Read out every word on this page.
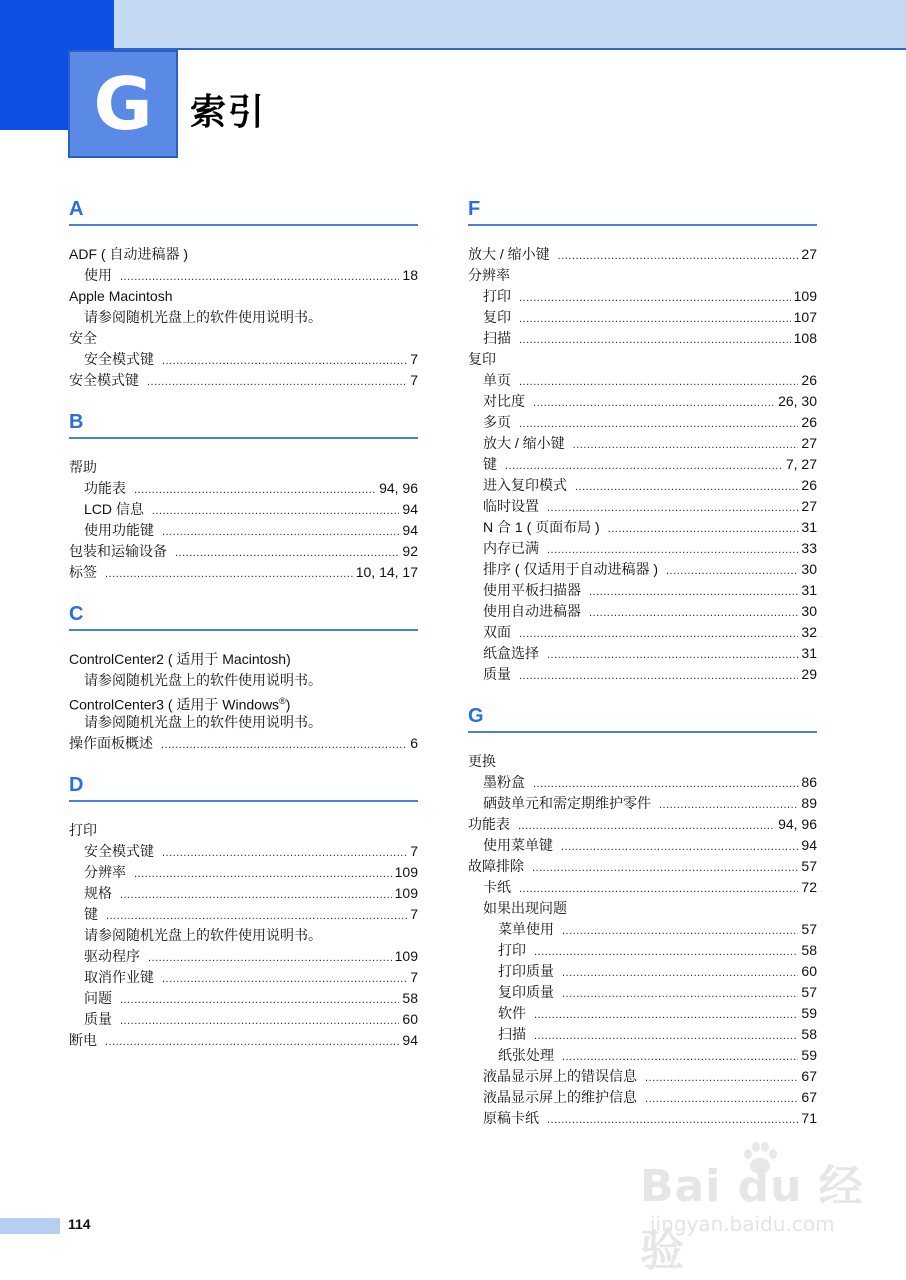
G	索引
A
ADF ( 自动进稿器 )
使用 .....	18
Apple Macintosh
请参阅随机光盘上的软件使用说明书。
安全
安全模式键 .....	7
安全模式键 .....	7
B
帮助
功能表 .....	94, 96
LCD 信息 .....	94
使用功能键 .....	94
包装和运输设备 .....	92
标签 .....	10, 14, 17
C
ControlCenter2 ( 适用于 Macintosh)
请参阅随机光盘上的软件使用说明书。
ControlCenter3 ( 适用于 Windows®)
请参阅随机光盘上的软件使用说明书。
操作面板概述 .....	6
D
打印
安全模式键 .....	7
分辨率 .....	109
规格 .....	109
键 .....	7
请参阅随机光盘上的软件使用说明书。
驱动程序 .....	109
取消作业键 .....	7
问题 .....	58
质量 .....	60
断电 .....	94
F
放大 / 缩小键 .....	27
分辨率
打印 .....	109
复印 .....	107
扫描 .....	108
复印
单页 .....	26
对比度 .....	26, 30
多页 .....	26
放大 / 缩小键 .....	27
键 .....	7, 27
进入复印模式 .....	26
临时设置 .....	27
N 合 1 ( 页面布局 ) .....	31
内存已满 .....	33
排序 ( 仅适用于自动进稿器 ) .....	30
使用平板扫描器 .....	31
使用自动进稿器 .....	30
双面 .....	32
纸盒选择 .....	31
质量 .....	29
G
更换
墨粉盒 .....	86
硒鼓单元和需定期维护零件 .....	89
功能表 .....	94, 96
使用菜单键 .....	94
故障排除 .....	57
卡纸 .....	72
如果出现问题
菜单使用 .....	57
打印 .....	58
打印质量 .....	60
复印质量 .....	57
软件 .....	59
扫描 .....	58
纸张处理 .....	59
液晶显示屏上的错误信息 .....	67
液晶显示屏上的维护信息 .....	67
原稿卡纸 .....	71
114
Bai du 经验
jingyan.baidu.com
